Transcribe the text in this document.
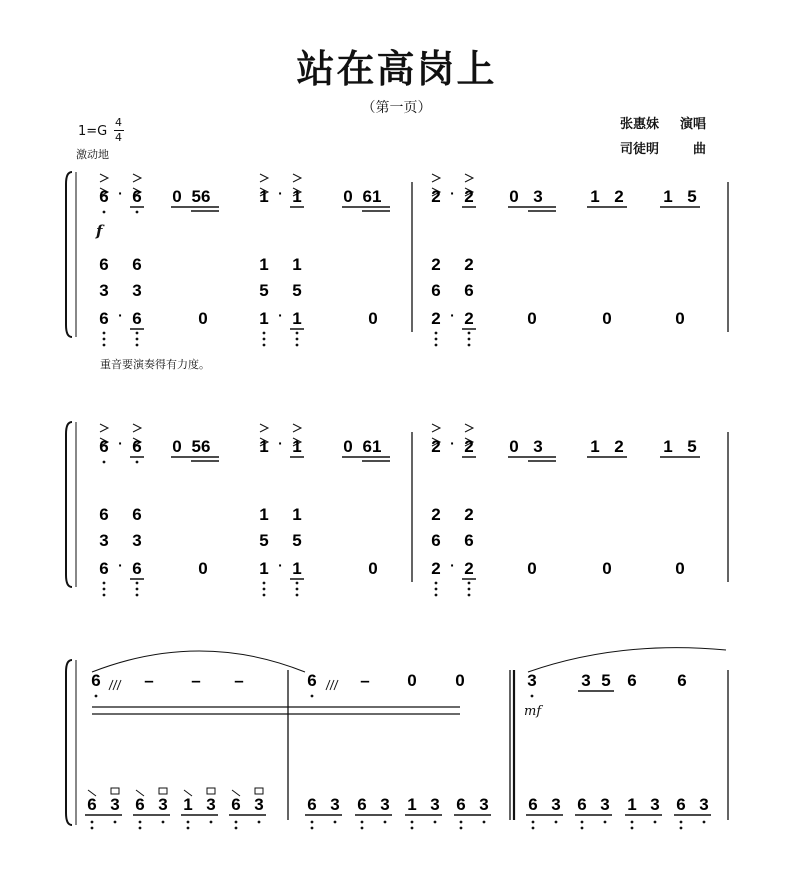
站在高岗上
（第一页）
1=G
4
4
激动地
张惠妹 演唱
司徒明	曲
f
重音要演奏得有力度。
mf
6 · 6 0 56	1 · 1 0 61	2 · 2 0 3	1 2 1 5
6 6	1 1	2 2
3 3	5 5	6 6
6 · 6	0	1 · 1	0	2 · 2	0	0	0
6 · 6 0 56	1 · 1 0 61	2 · 2 0 3	1 2 1 5
6 6	1 1	2 2
3 3	5 5	6 6
6 · 6	0	1 · 1	0	2 · 2	0	0	0
6	– – –	6	– 0 0	3	3 5 6 6
6 3 6 3 1 3 6 3	6 3 6 3 1 3 6 3 6 3 6 3 1 3 6 3
